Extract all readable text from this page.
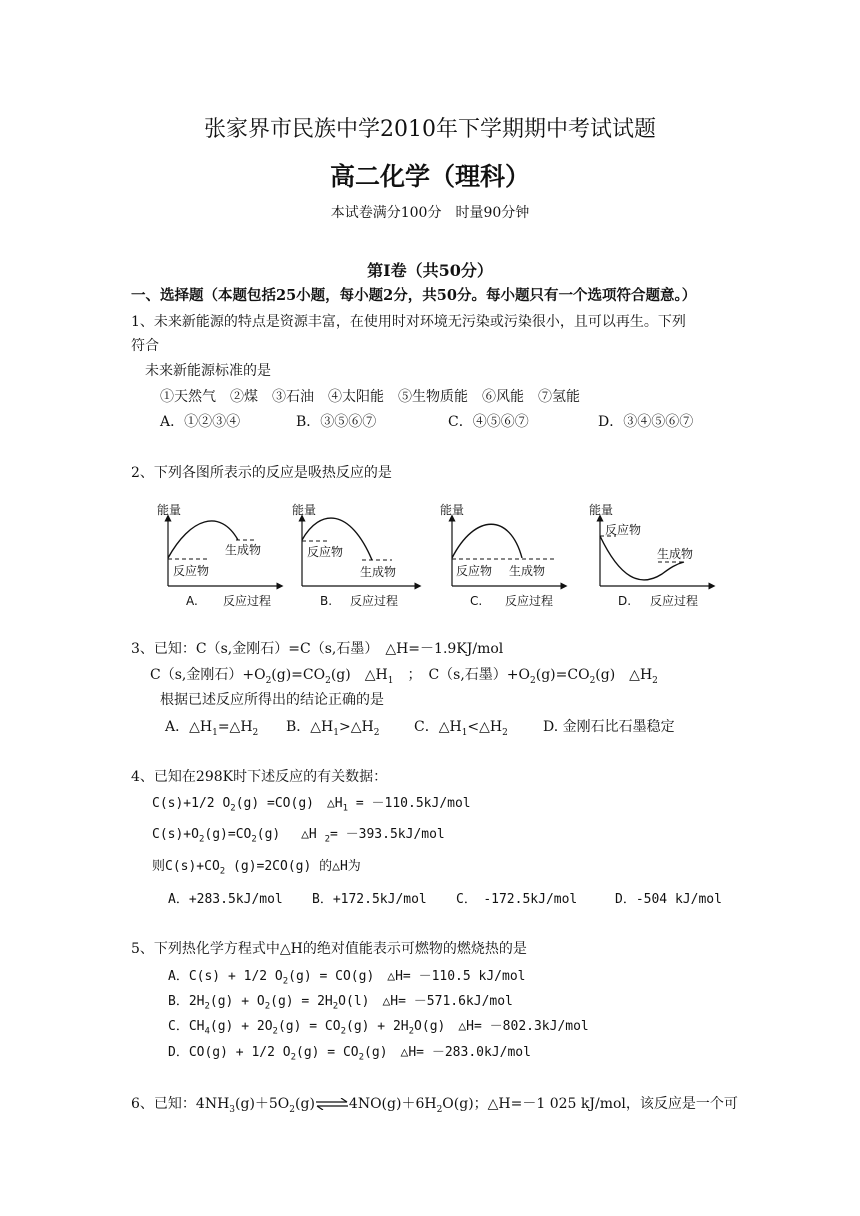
张家界市民族中学2010年下学期期中考试试题
高二化学（理科）
本试卷满分100分　时量90分钟
第Ⅰ卷（共50分）
一、选择题（本题包括25小题，每小题2分，共50分。每小题只有一个选项符合题意。）
1、未来新能源的特点是资源丰富，在使用时对环境无污染或污染很小，且可以再生。下列
符合
未来新能源标准的是
①天然气　②煤　③石油　④太阳能　⑤生物质能　⑥风能　⑦氢能
A．①②③④	B．③⑤⑥⑦	C．④⑤⑥⑦	D．③④⑤⑥⑦
2、下列各图所表示的反应是吸热反应的是
能量
生成物
反应物
A. 反应过程
能量
反应物
生成物
B. 反应过程
能量
反应物 生成物
C. 反应过程
能量
反应物
生成物
D. 反应过程
3、已知：C（s,金刚石）=C（s,石墨）　△H=－1.9KJ/mol
C（s,金刚石）$+O_2(g)=CO_2(g)$　$\triangle H_1$　；　C（s,石墨）$+O_2(g)=CO_2(g)$　$\triangle H_2$
根据已述反应所得出的结论正确的是
A．$\triangle H_1=\triangle H_2$ B．$\triangle H_1>\triangle H_2$ C．$\triangle H_1<\triangle H_2$	D. 金刚石比石墨稳定
4、已知在298K时下述反应的有关数据：
C(s)+1/2 $O_2(g) =CO(g)$　$\triangle H_1 = -110.5kJ/mol$
$C(s)+O_2(g)=CO_2(g)$　 △H $_2$= －393.5kJ/mol
则$C(s)+CO_2$ (g)=2CO(g) 的△H为
A．+283.5kJ/mol B．+172.5kJ/mol C．　-172.5kJ/mol	D．-504 kJ/mol
5、下列热化学方程式中△H的绝对值能表示可燃物的燃烧热的是
A．C(s) + 1/2 $O_2(g) = CO(g)$　△H= －110.5 kJ/mol
B．$2H_2(g) + O_2(g) = 2H_2O(l)$　△H= －571.6kJ/mol
C．$CH_4(g) + 2O_2(g) = CO_2(g) + 2H_2O(g)$　△H= －802.3kJ/mol
D．CO(g) + 1/2 $O_2(g) = CO_2(g)$　△H= －283.0kJ/mol
6、已知：$4NH_3(g)+5O_2(g)\rightleftharpoons 4NO(g)+6H_2O(g)$；△H=－1 025 kJ/mol，该反应是一个可
